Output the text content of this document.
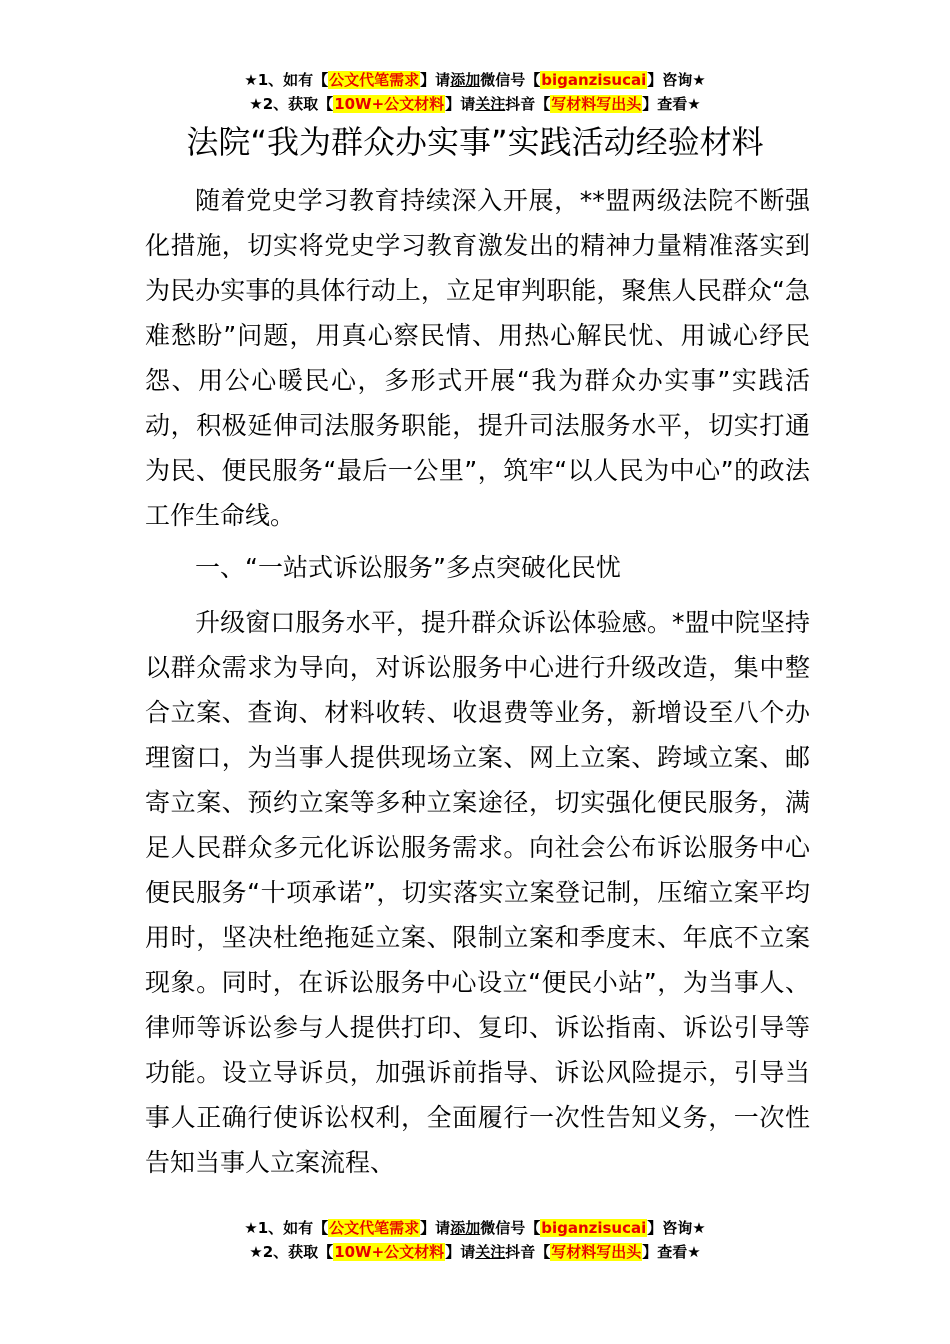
★1、如有【公文代笔需求】请添加微信号【biganzisucai】咨询★
★2、获取【10W+公文材料】请关注抖音【写材料写出头】查看★
法院“我为群众办实事”实践活动经验材料

随着党史学习教育持续深入开展，**盟两级法院不断强化措施，切实将党史学习教育激发出的精神力量精准落实到为民办实事的具体行动上，立足审判职能，聚焦人民群众“急难愁盼”问题，用真心察民情、用热心解民忧、用诚心纾民怨、用公心暖民心，多形式开展“我为群众办实事”实践活动，积极延伸司法服务职能，提升司法服务水平，切实打通为民、便民服务“最后一公里”，筑牢“以人民为中心”的政法工作生命线。

一、“一站式诉讼服务”多点突破化民忧

升级窗口服务水平，提升群众诉讼体验感。*盟中院坚持以群众需求为导向，对诉讼服务中心进行升级改造，集中整合立案、查询、材料收转、收退费等业务，新增设至八个办理窗口，为当事人提供现场立案、网上立案、跨域立案、邮寄立案、预约立案等多种立案途径，切实强化便民服务，满足人民群众多元化诉讼服务需求。向社会公布诉讼服务中心便民服务“十项承诺”，切实落实立案登记制，压缩立案平均用时，坚决杜绝拖延立案、限制立案和季度末、年底不立案现象。同时，在诉讼服务中心设立“便民小站”，为当事人、律师等诉讼参与人提供打印、复印、诉讼指南、诉讼引导等功能。设立导诉员，加强诉前指导、诉讼风险提示，引导当事人正确行使诉讼权利，全面履行一次性告知义务，一次性告知当事人立案流程、

★1、如有【公文代笔需求】请添加微信号【biganzisucai】咨询★
★2、获取【10W+公文材料】请关注抖音【写材料写出头】查看★
